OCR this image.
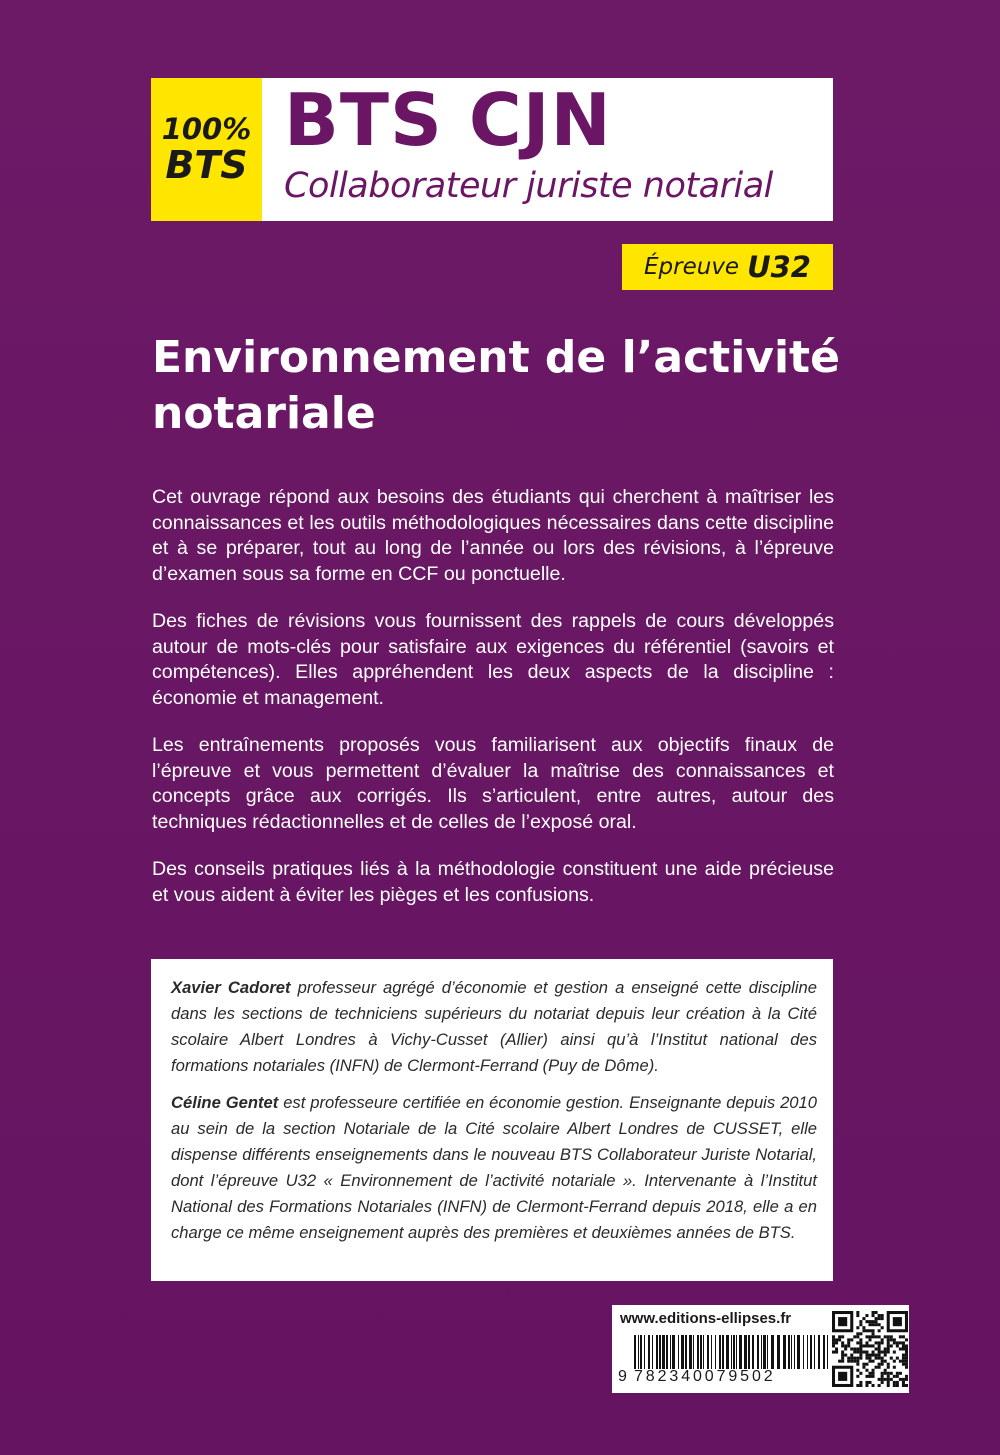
100%
BTS
BTS CJN
Collaborateur juriste notarial
Épreuve U32
Environnement de l’activité
notariale

Cet ouvrage répond aux besoins des étudiants qui cherchent à maîtriser les connaissances et les outils méthodologiques nécessaires dans cette discipline et à se préparer, tout au long de l’année ou lors des révisions, à l’épreuve d’examen sous sa forme en CCF ou ponctuelle.

Des fiches de révisions vous fournissent des rappels de cours développés autour de mots-clés pour satisfaire aux exigences du référentiel (savoirs et compétences). Elles appréhendent les deux aspects de la discipline : économie et management.

Les entraînements proposés vous familiarisent aux objectifs finaux de l’épreuve et vous permettent d’évaluer la maîtrise des connaissances et concepts grâce aux corrigés. Ils s’articulent, entre autres, autour des techniques rédactionnelles et de celles de l’exposé oral.

Des conseils pratiques liés à la méthodologie constituent une aide précieuse et vous aident à éviter les pièges et les confusions.

Xavier Cadoret professeur agrégé d’économie et gestion a enseigné cette discipline dans les sections de techniciens supérieurs du notariat depuis leur création à la Cité scolaire Albert Londres à Vichy-Cusset (Allier) ainsi qu’à l’Institut national des formations notariales (INFN) de Clermont-Ferrand (Puy de Dôme).

Céline Gentet est professeure certifiée en économie gestion. Enseignante depuis 2010 au sein de la section Notariale de la Cité scolaire Albert Londres de CUSSET, elle dispense différents enseignements dans le nouveau BTS Collaborateur Juriste Notarial, dont l’épreuve U32 « Environnement de l’activité notariale ». Intervenante à l’Institut National des Formations Notariales (INFN) de Clermont-Ferrand depuis 2018, elle a en charge ce même enseignement auprès des premières et deuxièmes années de BTS.

www.editions-ellipses.fr
9 782340079502
